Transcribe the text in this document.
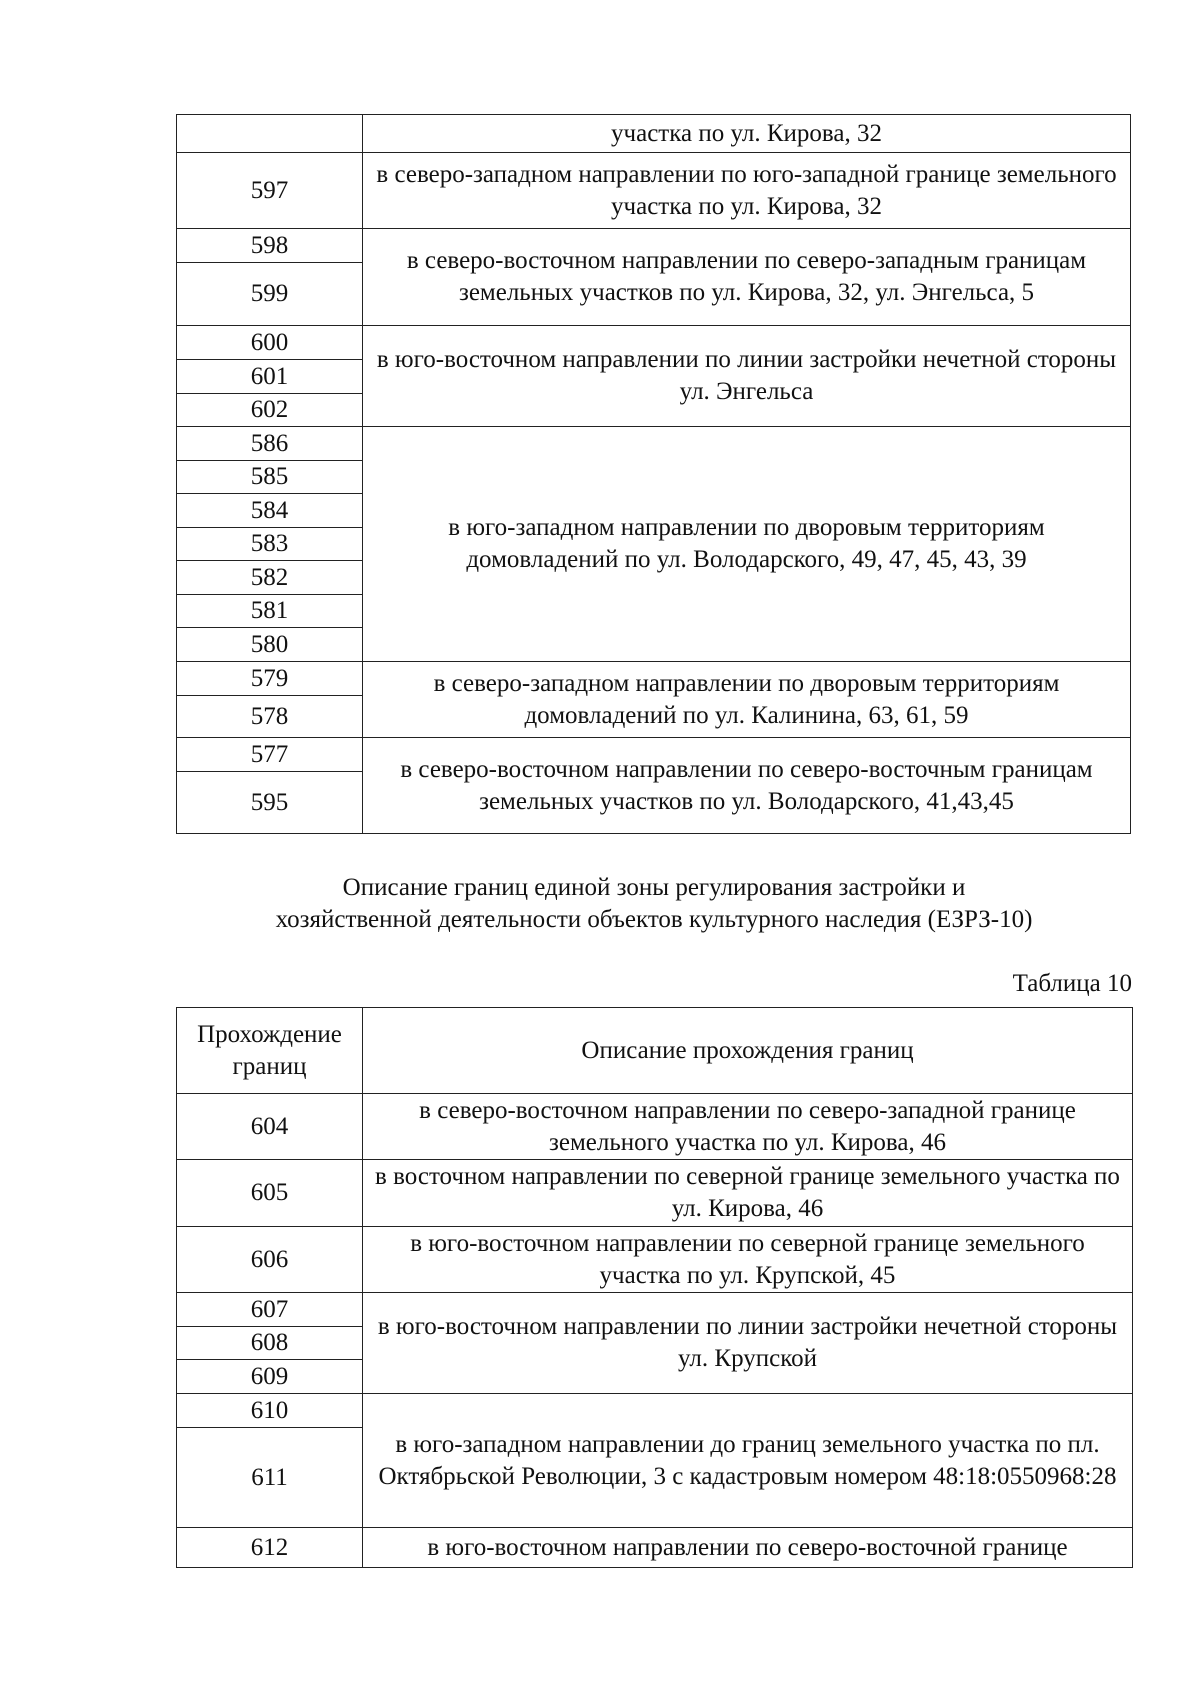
	участка по ул. Кирова, 32
597	в северо-западном направлении по юго-западной границе земельного участка по ул. Кирова, 32
598	в северо-восточном направлении по северо-западным границам земельных участков по ул. Кирова, 32, ул. Энгельса, 5
599	
600	в юго-восточном направлении по линии застройки нечетной стороны ул. Энгельса
601	
602	
586	в юго-западном направлении по дворовым территориям домовладений по ул. Володарского, 49, 47, 45, 43, 39
585	
584	
583	
582	
581	
580	
579	в северо-западном направлении по дворовым территориям домовладений по ул. Калинина, 63, 61, 59
578	
577	в северо-восточном направлении по северо-восточным границам земельных участков по ул. Володарского, 41,43,45
595	
Описание границ единой зоны регулирования застройки и
хозяйственной деятельности объектов культурного наследия (ЕЗРЗ-10)
Таблица 10
Прохождение границ	Описание прохождения границ
604	в северо-восточном направлении по северо-западной границе земельного участка по ул. Кирова, 46
605	в восточном направлении по северной границе земельного участка по ул. Кирова, 46
606	в юго-восточном направлении по северной границе земельного участка по ул. Крупской, 45
607	в юго-восточном направлении по линии застройки нечетной стороны ул. Крупской
608	
609	
610	в юго-западном направлении до границ земельного участка по пл. Октябрьской Революции, 3 с кадастровым номером 48:18:0550968:28
611	
612	в юго-восточном направлении по северо-восточной границе
